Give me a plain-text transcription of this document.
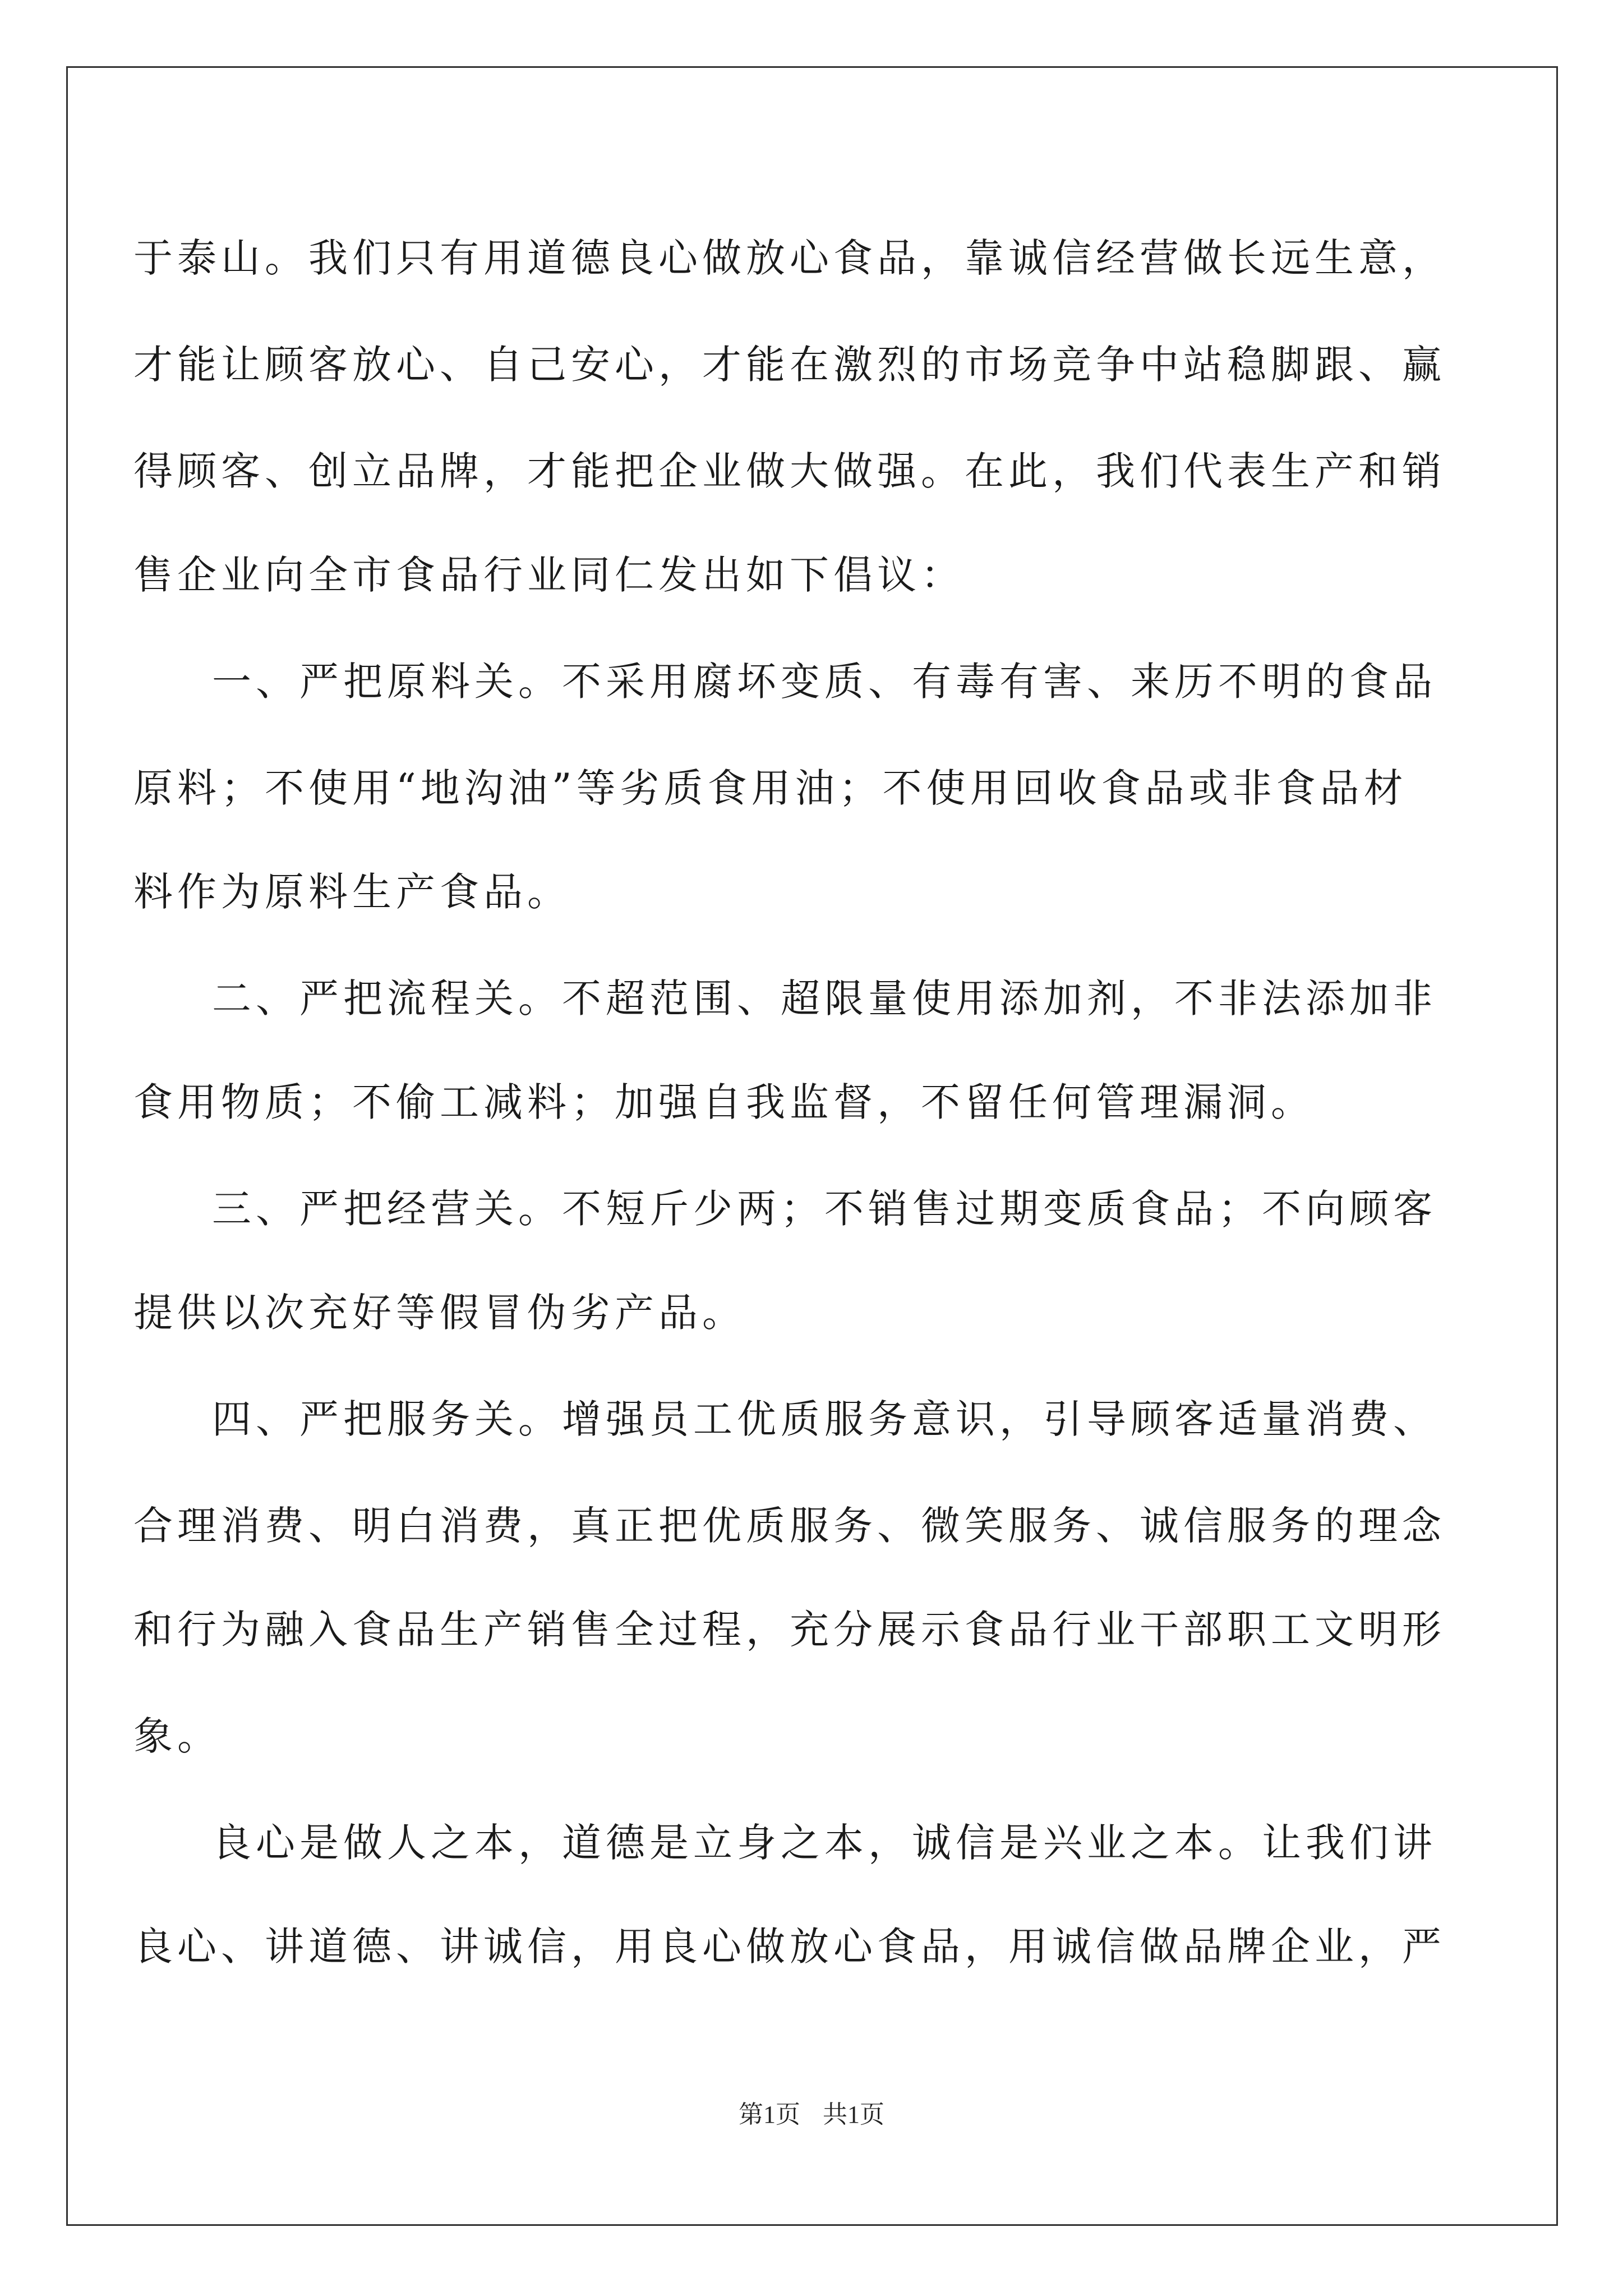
于泰山。我们只有用道德良心做放心食品，靠诚信经营做长远生意，
才能让顾客放心、自己安心，才能在激烈的市场竞争中站稳脚跟、赢
得顾客、创立品牌，才能把企业做大做强。在此，我们代表生产和销
售企业向全市食品行业同仁发出如下倡议：
一、严把原料关。不采用腐坏变质、有毒有害、来历不明的食品
原料；不使用“地沟油”等劣质食用油；不使用回收食品或非食品材
料作为原料生产食品。
二、严把流程关。不超范围、超限量使用添加剂，不非法添加非
食用物质；不偷工减料；加强自我监督，不留任何管理漏洞。
三、严把经营关。不短斤少两；不销售过期变质食品；不向顾客
提供以次充好等假冒伪劣产品。
四、严把服务关。增强员工优质服务意识，引导顾客适量消费、
合理消费、明白消费，真正把优质服务、微笑服务、诚信服务的理念
和行为融入食品生产销售全过程，充分展示食品行业干部职工文明形
象。
良心是做人之本，道德是立身之本，诚信是兴业之本。让我们讲
良心、讲道德、讲诚信，用良心做放心食品，用诚信做品牌企业，严
第1页 共1页
